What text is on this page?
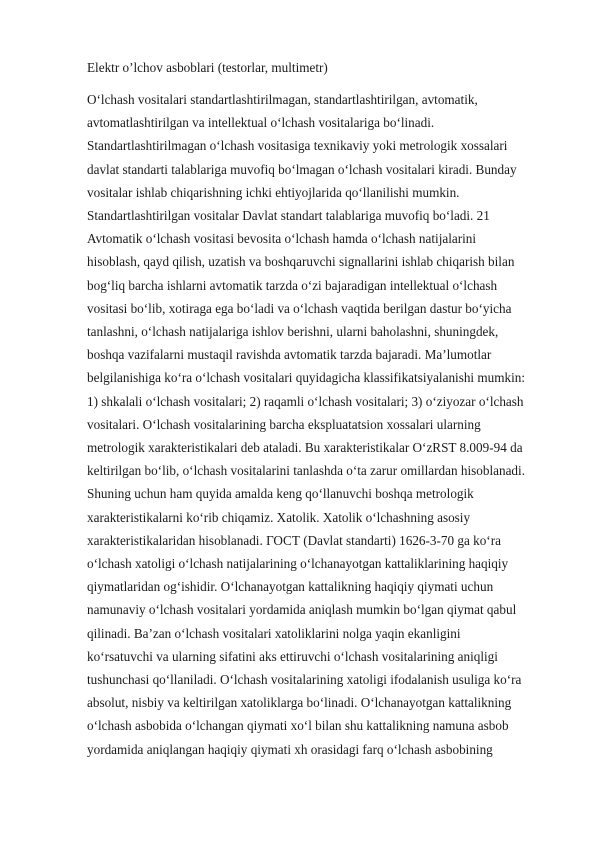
Elektr o’lchov asboblari (testorlar, multimetr)
O‘lchash vositalari standartlashtirilmagan, standartlashtirilgan, avtomatik,
avtomatlashtirilgan va intellektual o‘lchash vositalariga bo‘linadi.
Standartlashtirilmagan o‘lchash vositasiga texnikaviy yoki metrologik xossalari
davlat standarti talablariga muvofiq bo‘lmagan o‘lchash vositalari kiradi. Bunday
vositalar ishlab chiqarishning ichki ehtiyojlarida qo‘llanilishi mumkin.
Standartlashtirilgan vositalar Davlat standart talablariga muvofiq bo‘ladi. 21
Avtomatik o‘lchash vositasi bevosita o‘lchash hamda o‘lchash natijalarini
hisoblash, qayd qilish, uzatish va boshqaruvchi signallarini ishlab chiqarish bilan
bog‘liq barcha ishlarni avtomatik tarzda o‘zi bajaradigan intellektual o‘lchash
vositasi bo‘lib, xotiraga ega bo‘ladi va o‘lchash vaqtida berilgan dastur bo‘yicha
tanlashni, o‘lchash natijalariga ishlov berishni, ularni baholashni, shuningdek,
boshqa vazifalarni mustaqil ravishda avtomatik tarzda bajaradi. Ma’lumotlar
belgilanishiga ko‘ra o‘lchash vositalari quyidagicha klassifikatsiyalanishi mumkin:
1) shkalali o‘lchash vositalari; 2) raqamli o‘lchash vositalari; 3) o‘ziyozar o‘lchash
vositalari. O‘lchash vositalarining barcha ekspluatatsion xossalari ularning
metrologik xarakteristikalari deb ataladi. Bu xarakteristikalar O‘zRST 8.009-94 da
keltirilgan bo‘lib, o‘lchash vositalarini tanlashda o‘ta zarur omillardan hisoblanadi.
Shuning uchun ham quyida amalda keng qo‘llanuvchi boshqa metrologik
xarakteristikalarni ko‘rib chiqamiz. Xatolik. Xatolik o‘lchashning asosiy
xarakteristikalaridan hisoblanadi. ГОСТ (Davlat standarti) 1626-3-70 ga ko‘ra
o‘lchash xatoligi o‘lchash natijalarining o‘lchanayotgan kattaliklarining haqiqiy
qiymatlaridan og‘ishidir. O‘lchanayotgan kattalikning haqiqiy qiymati uchun
namunaviy o‘lchash vositalari yordamida aniqlash mumkin bo‘lgan qiymat qabul
qilinadi. Ba’zan o‘lchash vositalari xatoliklarini nolga yaqin ekanligini
ko‘rsatuvchi va ularning sifatini aks ettiruvchi o‘lchash vositalarining aniqligi
tushunchasi qo‘llaniladi. O‘lchash vositalarining xatoligi ifodalanish usuliga ko‘ra
absolut, nisbiy va keltirilgan xatoliklarga bo‘linadi. O‘lchanayotgan kattalikning
o‘lchash asbobida o‘lchangan qiymati xo‘l bilan shu kattalikning namuna asbob
yordamida aniqlangan haqiqiy qiymati xh orasidagi farq o‘lchash asbobining
